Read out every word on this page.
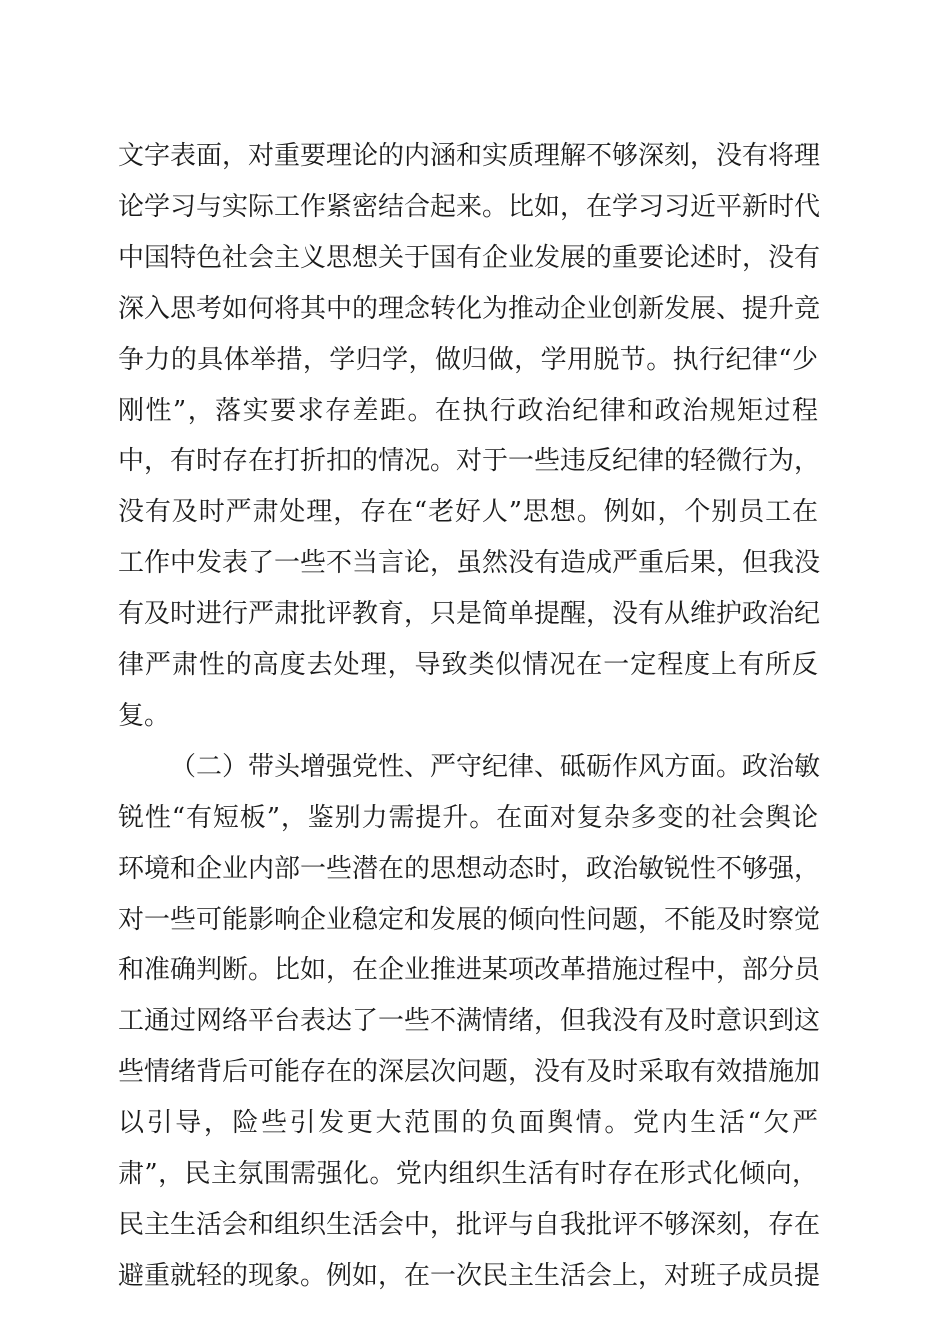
文字表面，对重要理论的内涵和实质理解不够深刻，没有将理
论学习与实际工作紧密结合起来。比如，在学习习近平新时代
中国特色社会主义思想关于国有企业发展的重要论述时，没有
深入思考如何将其中的理念转化为推动企业创新发展、提升竞
争力的具体举措，学归学，做归做，学用脱节。执行纪律“少
刚性”，落实要求存差距。在执行政治纪律和政治规矩过程
中，有时存在打折扣的情况。对于一些违反纪律的轻微行为，
没有及时严肃处理，存在“老好人”思想。例如，个别员工在
工作中发表了一些不当言论，虽然没有造成严重后果，但我没
有及时进行严肃批评教育，只是简单提醒，没有从维护政治纪
律严肃性的高度去处理，导致类似情况在一定程度上有所反
复。
（二）带头增强党性、严守纪律、砥砺作风方面。政治敏
锐性“有短板”，鉴别力需提升。在面对复杂多变的社会舆论
环境和企业内部一些潜在的思想动态时，政治敏锐性不够强，
对一些可能影响企业稳定和发展的倾向性问题，不能及时察觉
和准确判断。比如，在企业推进某项改革措施过程中，部分员
工通过网络平台表达了一些不满情绪，但我没有及时意识到这
些情绪背后可能存在的深层次问题，没有及时采取有效措施加
以引导，险些引发更大范围的负面舆情。党内生活“欠严
肃”，民主氛围需强化。党内组织生活有时存在形式化倾向，
民主生活会和组织生活会中，批评与自我批评不够深刻，存在
避重就轻的现象。例如，在一次民主生活会上，对班子成员提
